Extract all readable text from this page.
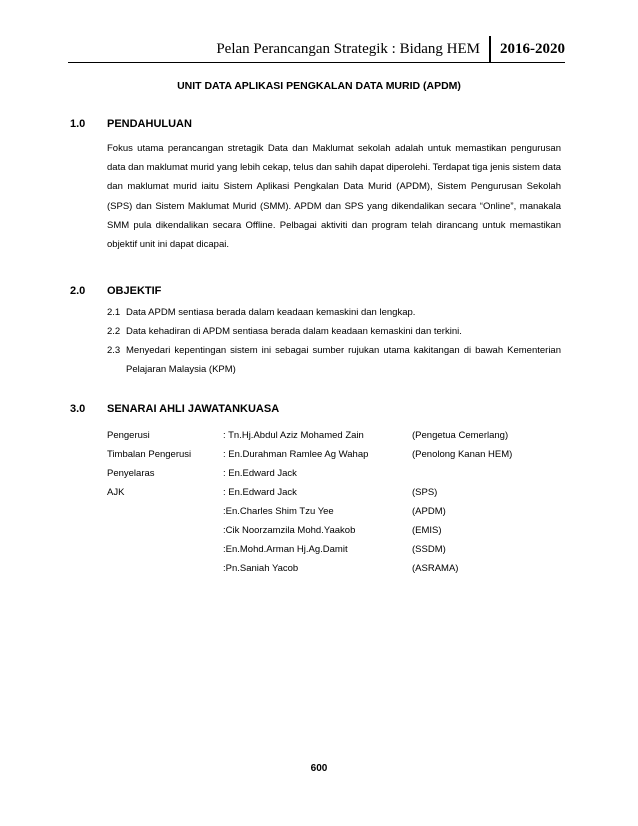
Pelan Perancangan Strategik : Bidang HEM	2016-2020
UNIT DATA APLIKASI PENGKALAN DATA MURID (APDM)
1.0 PENDAHULUAN
Fokus utama perancangan stretagik Data dan Maklumat sekolah adalah untuk memastikan pengurusan data dan maklumat murid yang lebih cekap, telus dan sahih dapat diperolehi. Terdapat tiga jenis sistem data dan maklumat murid iaitu Sistem Aplikasi Pengkalan Data Murid (APDM), Sistem Pengurusan Sekolah (SPS) dan Sistem Maklumat Murid (SMM). APDM dan SPS yang dikendalikan secara “Online”, manakala SMM pula dikendalikan secara Offline. Pelbagai aktiviti dan program telah dirancang untuk memastikan objektif unit ini dapat dicapai.
2.0 OBJEKTIF
2.1 Data APDM sentiasa berada dalam keadaan kemaskini dan lengkap.
2.2 Data kehadiran di APDM sentiasa berada dalam keadaan kemaskini dan terkini.
2.3 Menyedari kepentingan sistem ini sebagai sumber rujukan utama kakitangan di bawah Kementerian Pelajaran Malaysia (KPM)
3.0 SENARAI AHLI JAWATANKUASA
Pengerusi	: Tn.Hj.Abdul Aziz Mohamed Zain	(Pengetua Cemerlang)
Timbalan Pengerusi	: En.Durahman Ramlee Ag Wahap	(Penolong Kanan HEM)
Penyelaras	: En.Edward Jack
AJK	: En.Edward Jack	(SPS)
:En.Charles Shim Tzu Yee	(APDM)
:Cik Noorzamzila Mohd.Yaakob	(EMIS)
:En.Mohd.Arman Hj.Ag.Damit	(SSDM)
:Pn.Saniah Yacob	(ASRAMA)
600
